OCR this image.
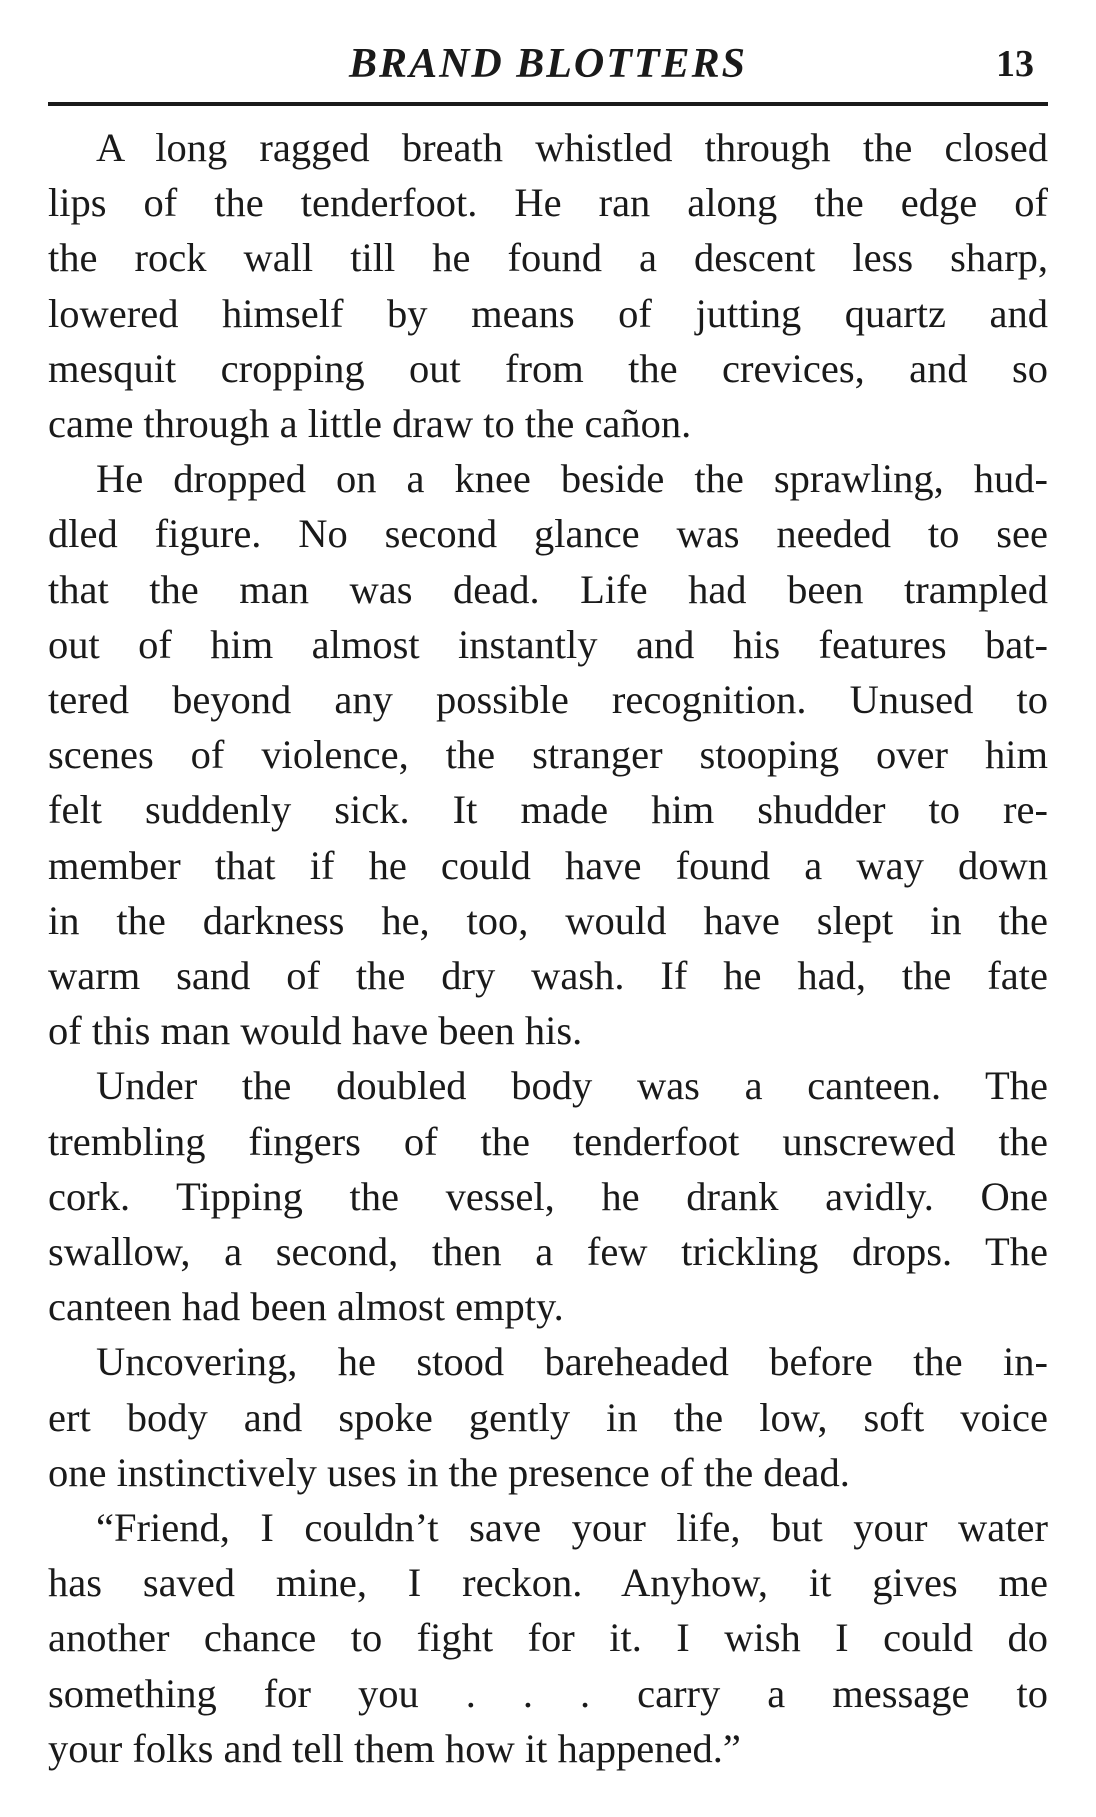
BRAND BLOTTERS	13

A long ragged breath whistled through the closed
lips of the tenderfoot. He ran along the edge of
the rock wall till he found a descent less sharp,
lowered himself by means of jutting quartz and
mesquit cropping out from the crevices, and so
came through a little draw to the cañon.

He dropped on a knee beside the sprawling, hud-
dled figure. No second glance was needed to see
that the man was dead. Life had been trampled
out of him almost instantly and his features bat-
tered beyond any possible recognition. Unused to
scenes of violence, the stranger stooping over him
felt suddenly sick. It made him shudder to re-
member that if he could have found a way down
in the darkness he, too, would have slept in the
warm sand of the dry wash. If he had, the fate
of this man would have been his.

Under the doubled body was a canteen. The
trembling fingers of the tenderfoot unscrewed the
cork. Tipping the vessel, he drank avidly. One
swallow, a second, then a few trickling drops. The
canteen had been almost empty.

Uncovering, he stood bareheaded before the in-
ert body and spoke gently in the low, soft voice
one instinctively uses in the presence of the dead.

“Friend, I couldn’t save your life, but your water
has saved mine, I reckon. Anyhow, it gives me
another chance to fight for it. I wish I could do
something for you . . . carry a message to
your folks and tell them how it happened.”
